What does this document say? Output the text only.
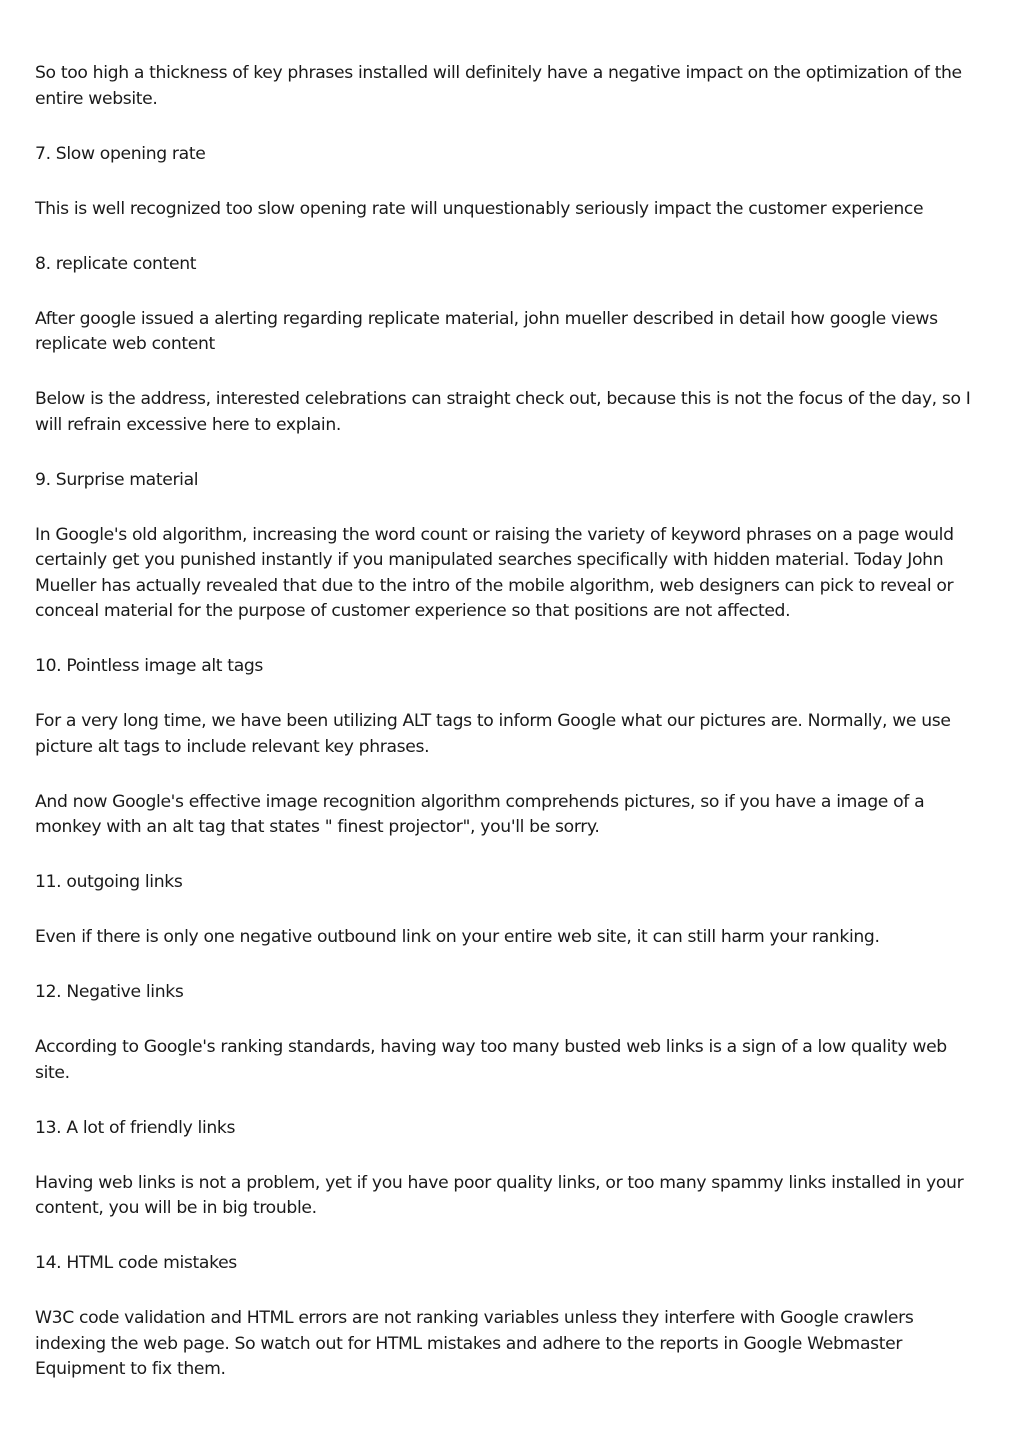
So too high a thickness of key phrases installed will definitely have a negative impact on the optimization of the entire website.

7. Slow opening rate

This is well recognized too slow opening rate will unquestionably seriously impact the customer experience

8. replicate content

After google issued a alerting regarding replicate material, john mueller described in detail how google views replicate web content

Below is the address, interested celebrations can straight check out, because this is not the focus of the day, so I will refrain excessive here to explain.

9. Surprise material

In Google's old algorithm, increasing the word count or raising the variety of keyword phrases on a page would certainly get you punished instantly if you manipulated searches specifically with hidden material. Today John Mueller has actually revealed that due to the intro of the mobile algorithm, web designers can pick to reveal or conceal material for the purpose of customer experience so that positions are not affected.

10. Pointless image alt tags

For a very long time, we have been utilizing ALT tags to inform Google what our pictures are. Normally, we use picture alt tags to include relevant key phrases.

And now Google's effective image recognition algorithm comprehends pictures, so if you have a image of a monkey with an alt tag that states " finest projector", you'll be sorry.

11. outgoing links

Even if there is only one negative outbound link on your entire web site, it can still harm your ranking.

12. Negative links

According to Google's ranking standards, having way too many busted web links is a sign of a low quality web site.

13. A lot of friendly links

Having web links is not a problem, yet if you have poor quality links, or too many spammy links installed in your content, you will be in big trouble.

14. HTML code mistakes

W3C code validation and HTML errors are not ranking variables unless they interfere with Google crawlers indexing the web page. So watch out for HTML mistakes and adhere to the reports in Google Webmaster Equipment to fix them.
